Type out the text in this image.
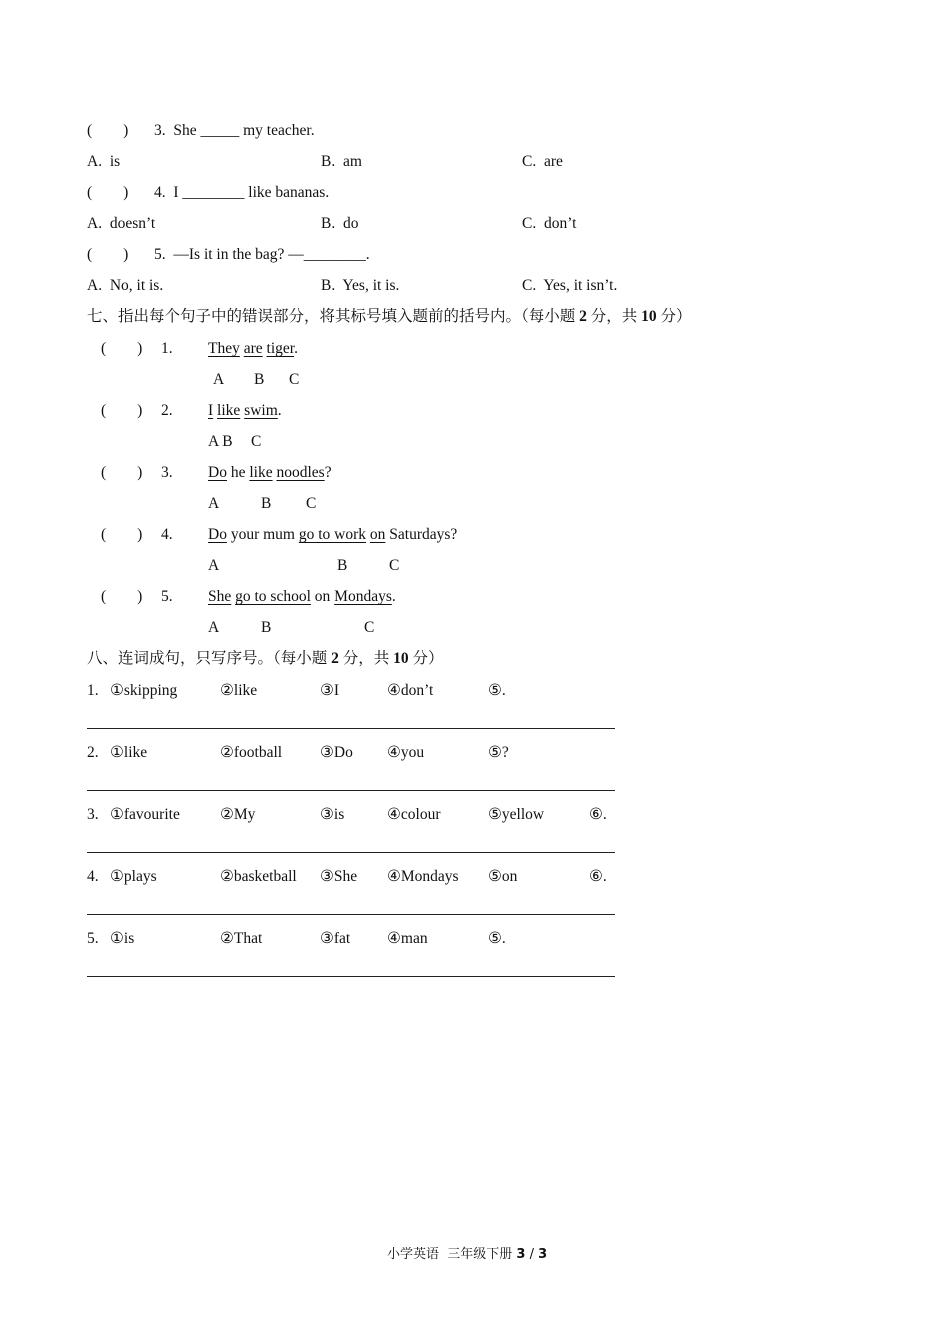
(　　) 3.  She _____ my teacher.
A.  is	B.  am	C.  are
(　　) 4.  I ________ like bananas.
A.  doesn’t	B.  do	C.  don’t
(　　) 5.  —Is it in the bag? —________.
A.  No, it is.	B.  Yes, it is.	C.  Yes, it isn’t.
七、指出每个句子中的错误部分，将其标号填入题前的括号内。（每小题 2 分，共 10 分）
(　　) 1. They are tiger.
A B C
(　　) 2. I like swim.
A B C
(　　) 3. Do he like noodles?
A	B C
(　　) 4. Do your mum go to work on Saturdays?
A	B	C
(　　) 5. She go to school on Mondays.
A	B	C
八、连词成句，只写序号。（每小题 2 分，共 10 分）
1. ①skipping	②like	③I	④don’t	⑤.
2. ①like	②football ③Do ④you	⑤?
3. ①favourite	②My	③is	④colour	⑤yellow	⑥.
4. ①plays	②basketball ③She ④Mondays ⑤on	⑥.
5. ①is	②That	③fat ④man	⑤.
小学英语  三年级下册 3 / 3
